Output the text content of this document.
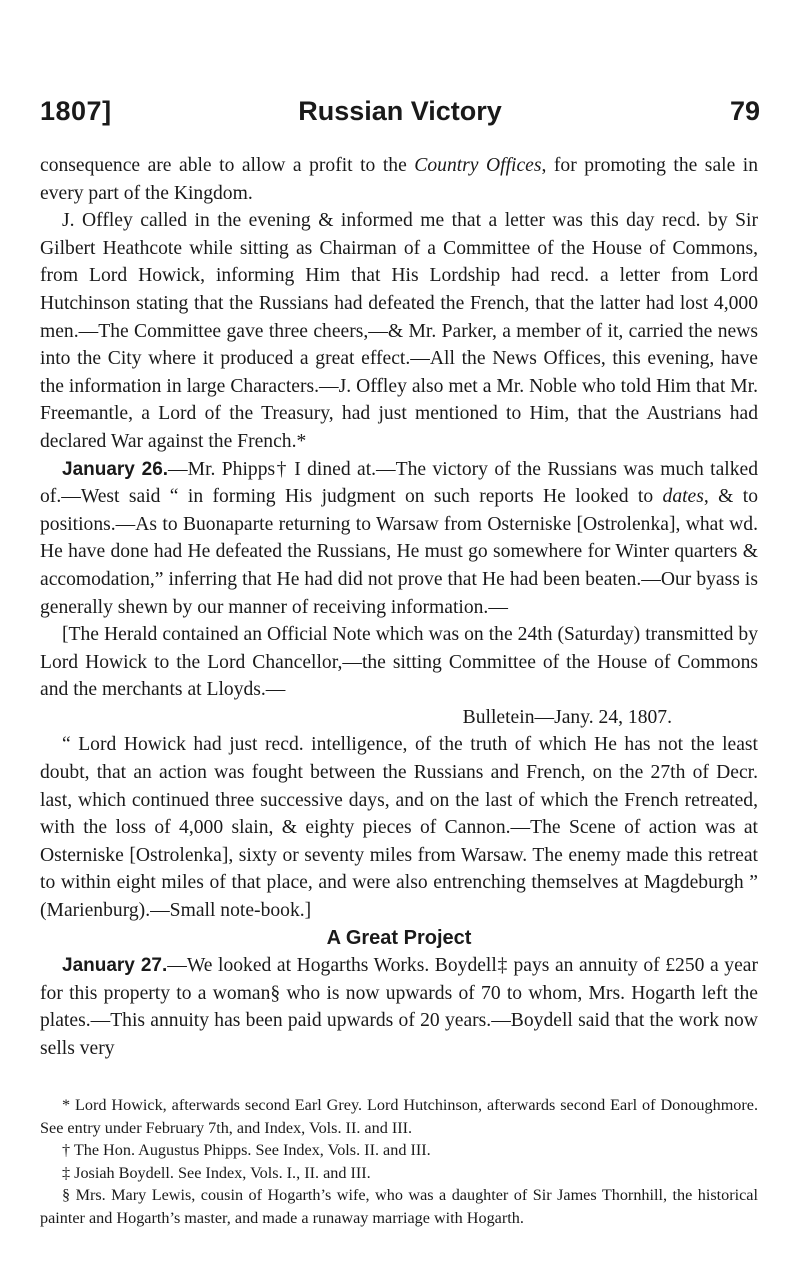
1807]	Russian Victory	79

consequence are able to allow a profit to the Country Offices, for promoting the sale in every part of the Kingdom.

J. Offley called in the evening & informed me that a letter was this day recd. by Sir Gilbert Heathcote while sitting as Chairman of a Committee of the House of Commons, from Lord Howick, informing Him that His Lordship had recd. a letter from Lord Hutchinson stating that the Russians had defeated the French, that the latter had lost 4,000 men.—The Committee gave three cheers,—& Mr. Parker, a member of it, carried the news into the City where it produced a great effect.—All the News Offices, this evening, have the information in large Characters.—J. Offley also met a Mr. Noble who told Him that Mr. Freemantle, a Lord of the Treasury, had just mentioned to Him, that the Austrians had declared War against the French.*

January 26.—Mr. Phipps† I dined at.—The victory of the Russians was much talked of.—West said “ in forming His judgment on such reports He looked to dates, & to positions.—As to Buonaparte returning to Warsaw from Osterniske [Ostrolenka], what wd. He have done had He defeated the Russians, He must go somewhere for Winter quarters & accomodation,” inferring that He had did not prove that He had been beaten.—Our byass is generally shewn by our manner of receiving information.—

[The Herald contained an Official Note which was on the 24th (Saturday) transmitted by Lord Howick to the Lord Chancellor,—the sitting Committee of the House of Commons and the merchants at Lloyds.—

Bulletein—Jany. 24, 1807.

“ Lord Howick had just recd. intelligence, of the truth of which He has not the least doubt, that an action was fought between the Russians and French, on the 27th of Decr. last, which continued three successive days, and on the last of which the French retreated, with the loss of 4,000 slain, & eighty pieces of Cannon.—The Scene of action was at Osterniske [Ostrolenka], sixty or seventy miles from Warsaw. The enemy made this retreat to within eight miles of that place, and were also entrenching themselves at Magdeburgh ” (Marienburg).—Small note-book.]

A Great Project

January 27.—We looked at Hogarths Works. Boydell‡ pays an annuity of £250 a year for this property to a woman§ who is now upwards of 70 to whom, Mrs. Hogarth left the plates.—This annuity has been paid upwards of 20 years.—Boydell said that the work now sells very

* Lord Howick, afterwards second Earl Grey. Lord Hutchinson, afterwards second Earl of Donoughmore. See entry under February 7th, and Index, Vols. II. and III.

† The Hon. Augustus Phipps. See Index, Vols. II. and III.

‡ Josiah Boydell. See Index, Vols. I., II. and III.

§ Mrs. Mary Lewis, cousin of Hogarth’s wife, who was a daughter of Sir James Thornhill, the historical painter and Hogarth’s master, and made a runaway marriage with Hogarth.
